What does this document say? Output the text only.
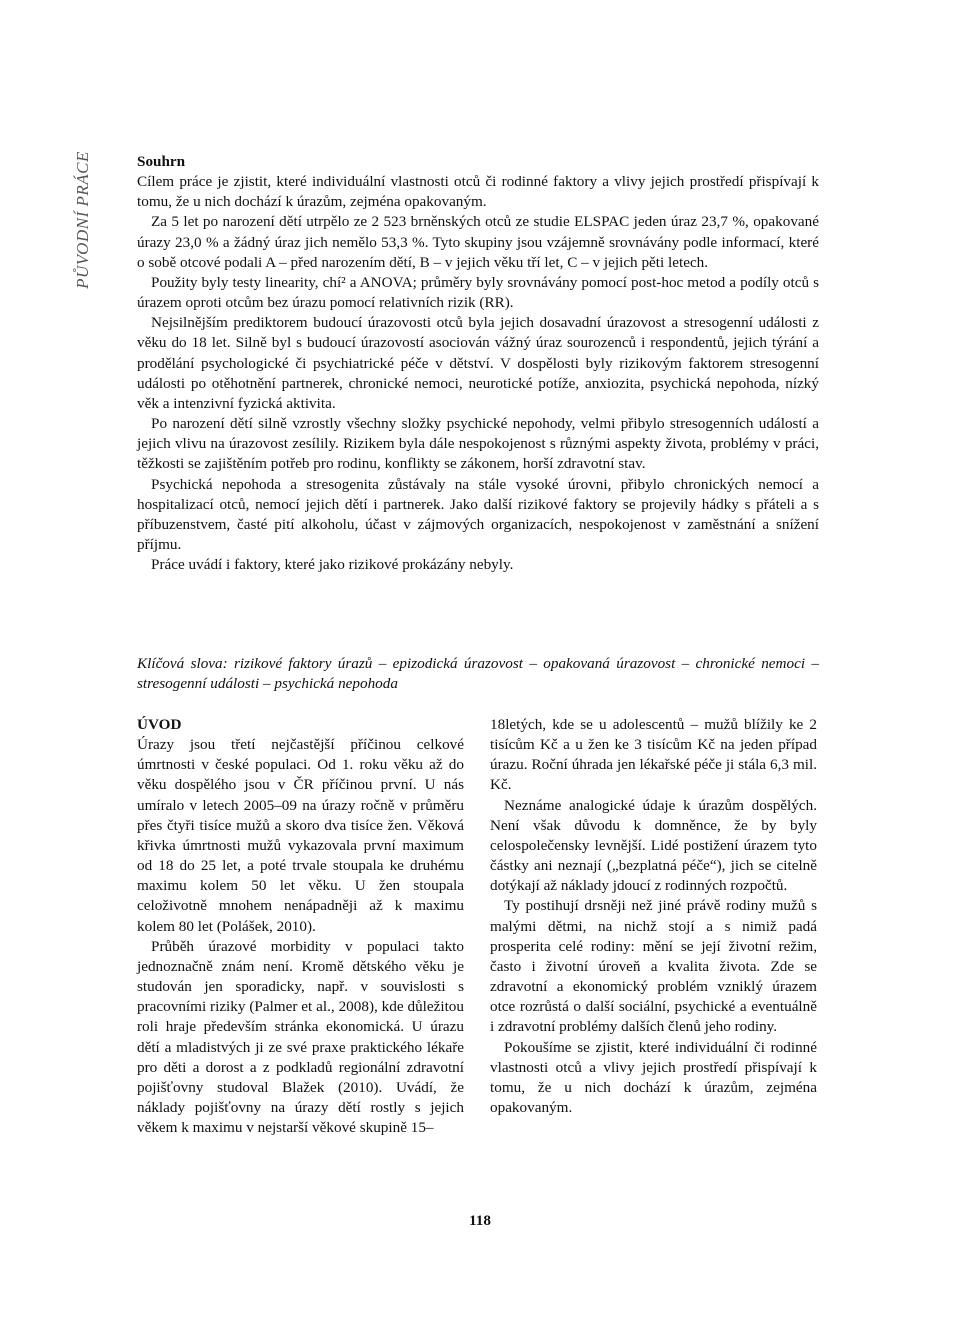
PŮVODNÍ PRÁCE	Souhrn

Cílem práce je zjistit, které individuální vlastnosti otců či rodinné faktory a vlivy jejich prostředí přispívají k tomu, že u nich dochází k úrazům, zejména opakovaným.

Za 5 let po narození dětí utrpělo ze 2 523 brněnských otců ze studie ELSPAC jeden úraz 23,7 %, opakované úrazy 23,0 % a žádný úraz jich nemělo 53,3 %. Tyto skupiny jsou vzájemně srovnávány podle informací, které o sobě otcové podali A – před narozením dětí, B – v jejich věku tří let, C – v jejich pěti letech.

Použity byly testy linearity, chí² a ANOVA; průměry byly srovnávány pomocí post-hoc metod a podíly otců s úrazem oproti otcům bez úrazu pomocí relativních rizik (RR).

Nejsilnějším prediktorem budoucí úrazovosti otců byla jejich dosavadní úrazovost a stresogenní události z věku do 18 let. Silně byl s budoucí úrazovostí asociován vážný úraz sourozenců i respondentů, jejich týrání a prodělání psychologické či psychiatrické péče v dětství. V dospělosti byly rizikovým faktorem stresogenní události po otěhotnění partnerek, chronické nemoci, neurotické potíže, anxiozita, psychická nepohoda, nízký věk a intenzivní fyzická aktivita.

Po narození dětí silně vzrostly všechny složky psychické nepohody, velmi přibylo stresogenních událostí a jejich vlivu na úrazovost zesílily. Rizikem byla dále nespokojenost s různými aspekty života, problémy v práci, těžkosti se zajištěním potřeb pro rodinu, konflikty se zákonem, horší zdravotní stav.

Psychická nepohoda a stresogenita zůstávaly na stále vysoké úrovni, přibylo chronických nemocí a hospitalizací otců, nemocí jejich dětí i partnerek. Jako další rizikové faktory se projevily hádky s přáteli a s příbuzenstvem, časté pití alkoholu, účast v zájmových organizacích, nespokojenost v zaměstnání a snížení příjmu.

Práce uvádí i faktory, které jako rizikové prokázány nebyly.

Klíčová slova: rizikové faktory úrazů – epizodická úrazovost – opakovaná úrazovost – chronické nemoci – stresogenní události – psychická nepohoda
ÚVOD

Úrazy jsou třetí nejčastější příčinou celkové úmrtnosti v české populaci. Od 1. roku věku až do věku dospělého jsou v ČR příčinou první. U nás umíralo v letech 2005–09 na úrazy ročně v průměru přes čtyři tisíce mužů a skoro dva tisíce žen. Věková křivka úmrtnosti mužů vykazovala první maximum od 18 do 25 let, a poté trvale stoupala ke druhému maximu kolem 50 let věku. U žen stoupala celoživotně mnohem nenápadněji až k maximu kolem 80 let (Polášek, 2010).

Průběh úrazové morbidity v populaci takto jednoznačně znám není. Kromě dětského věku je studován jen sporadicky, např. v souvislosti s pracovními riziky (Palmer et al., 2008), kde důležitou roli hraje především stránka ekonomická. U úrazu dětí a mladistvých ji ze své praxe praktického lékaře pro děti a dorost a z podkladů regionální zdravotní pojišťovny studoval Blažek (2010). Uvádí, že náklady pojišťovny na úrazy dětí rostly s jejich věkem k maximu v nejstarší věkové skupině 15–

18letých, kde se u adolescentů – mužů blížily ke 2 tisícům Kč a u žen ke 3 tisícům Kč na jeden případ úrazu. Roční úhrada jen lékařské péče ji stála 6,3 mil. Kč.

Neznáme analogické údaje k úrazům dospělých. Není však důvodu k domněnce, že by byly celospolečensky levnější. Lidé postižení úrazem tyto částky ani neznají („bezplatná péče“), jich se citelně dotýkají až náklady jdoucí z rodinných rozpočtů.

Ty postihují drsněji než jiné právě rodiny mužů s malými dětmi, na nichž stojí a s nimiž padá prosperita celé rodiny: mění se její životní režim, často i životní úroveň a kvalita života. Zde se zdravotní a ekonomický problém vzniklý úrazem otce rozrůstá o další sociální, psychické a eventuálně i zdravotní problémy dalších členů jeho rodiny.

Pokoušíme se zjistit, které individuální či rodinné vlastnosti otců a vlivy jejich prostředí přispívají k tomu, že u nich dochází k úrazům, zejména opakovaným.

118
